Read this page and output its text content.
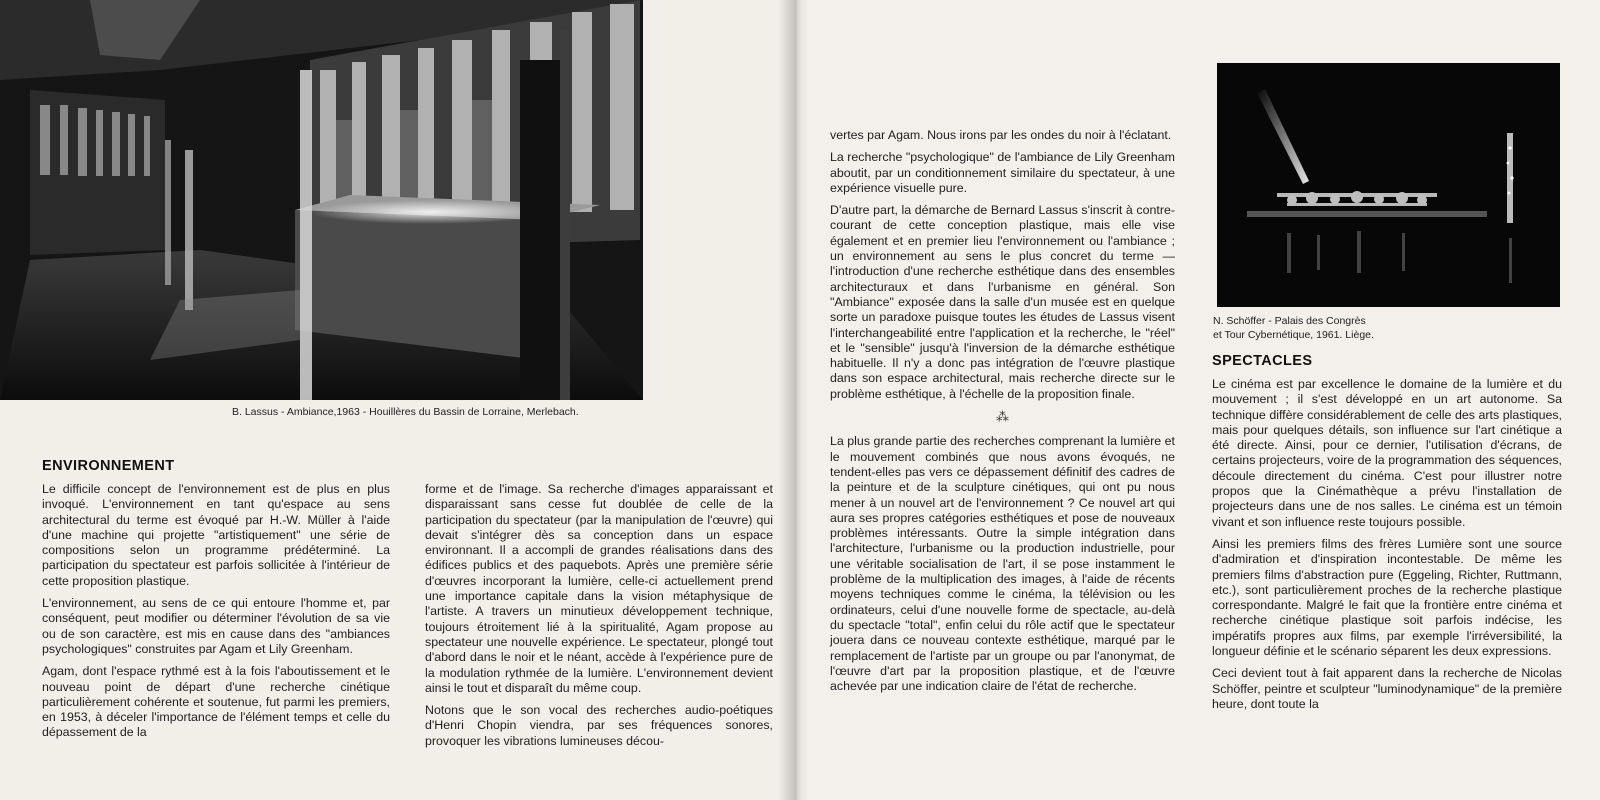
B. Lassus - Ambiance,1963 - Houillères du Bassin de Lorraine, Merlebach.
ENVIRONNEMENT

Le difficile concept de l'environnement est de plus en plus invoqué. L'environnement en tant qu'espace au sens architectural du terme est évoqué par H.-W. Müller à l'aide d'une machine qui projette "artistiquement" une série de compositions selon un programme prédéterminé. La participation du spectateur est parfois sollicitée à l'intérieur de cette proposition plastique.

L'environnement, au sens de ce qui entoure l'homme et, par conséquent, peut modifier ou déterminer l'évolution de sa vie ou de son caractère, est mis en cause dans des "ambiances psychologiques" construites par Agam et Lily Greenham.

Agam, dont l'espace rythmé est à la fois l'aboutissement et le nouveau point de départ d'une recherche cinétique particulièrement cohérente et soutenue, fut parmi les premiers, en 1953, à déceler l'importance de l'élément temps et celle du dépassement de la

forme et de l'image. Sa recherche d'images apparaissant et disparaissant sans cesse fut doublée de celle de la participation du spectateur (par la manipulation de l'œuvre) qui devait s'intégrer dès sa conception dans un espace environnant. Il a accompli de grandes réalisations dans des édifices publics et des paquebots. Après une première série d'œuvres incorporant la lumière, celle-ci actuellement prend une importance capitale dans la vision métaphysique de l'artiste. A travers un minutieux développement technique, toujours étroitement lié à la spiritualité, Agam propose au spectateur une nouvelle expérience. Le spectateur, plongé tout d'abord dans le noir et le néant, accède à l'expérience pure de la modulation rythmée de la lumière. L'environnement devient ainsi le tout et disparaît du même coup.

Notons que le son vocal des recherches audio-poétiques d'Henri Chopin viendra, par ses fréquences sonores, provoquer les vibrations lumineuses décou-

vertes par Agam. Nous irons par les ondes du noir à l'éclatant.

La recherche "psychologique" de l'ambiance de Lily Greenham aboutit, par un conditionnement similaire du spectateur, à une expérience visuelle pure.

D'autre part, la démarche de Bernard Lassus s'inscrit à contre-courant de cette conception plastique, mais elle vise également et en premier lieu l'environnement ou l'ambiance ; un environnement au sens le plus concret du terme — l'introduction d'une recherche esthétique dans des ensembles architecturaux et dans l'urbanisme en général. Son "Ambiance" exposée dans la salle d'un musée est en quelque sorte un paradoxe puisque toutes les études de Lassus visent l'interchangeabilité entre l'application et la recherche, le "réel" et le "sensible" jusqu'à l'inversion de la démarche esthétique habituelle. Il n'y a donc pas intégration de l'œuvre plastique dans son espace architectural, mais recherche directe sur le problème esthétique, à l'échelle de la proposition finale.

⁂

La plus grande partie des recherches comprenant la lumière et le mouvement combinés que nous avons évoqués, ne tendent-elles pas vers ce dépassement définitif des cadres de la peinture et de la sculpture cinétiques, qui ont pu nous mener à un nouvel art de l'environnement ? Ce nouvel art qui aura ses propres catégories esthétiques et pose de nouveaux problèmes intéressants. Outre la simple intégration dans l'architecture, l'urbanisme ou la production industrielle, pour une véritable socialisation de l'art, il se pose instamment le problème de la multiplication des images, à l'aide de récents moyens techniques comme le cinéma, la télévision ou les ordinateurs, celui d'une nouvelle forme de spectacle, au-delà du spectacle "total", enfin celui du rôle actif que le spectateur jouera dans ce nouveau contexte esthétique, marqué par le remplacement de l'artiste par un groupe ou par l'anonymat, de l'œuvre d'art par la proposition plastique, et de l'œuvre achevée par une indication claire de l'état de recherche.

N. Schöffer - Palais des Congrès
et Tour Cybernétique, 1961. Liège.
SPECTACLES

Le cinéma est par excellence le domaine de la lumière et du mouvement ; il s'est développé en un art autonome. Sa technique diffère considérablement de celle des arts plastiques, mais pour quelques détails, son influence sur l'art cinétique a été directe. Ainsi, pour ce dernier, l'utilisation d'écrans, de certains projecteurs, voire de la programmation des séquences, découle directement du cinéma. C'est pour illustrer notre propos que la Cinémathèque a prévu l'installation de projecteurs dans une de nos salles. Le cinéma est un témoin vivant et son influence reste toujours possible.

Ainsi les premiers films des frères Lumière sont une source d'admiration et d'inspiration incontestable. De même les premiers films d'abstraction pure (Eggeling, Richter, Ruttmann, etc.), sont particulièrement proches de la recherche plastique correspondante. Malgré le fait que la frontière entre cinéma et recherche cinétique plastique soit parfois indécise, les impératifs propres aux films, par exemple l'irréversibilité, la longueur définie et le scénario séparent les deux expressions.

Ceci devient tout à fait apparent dans la recherche de Nicolas Schöffer, peintre et sculpteur "luminodynamique" de la première heure, dont toute la
